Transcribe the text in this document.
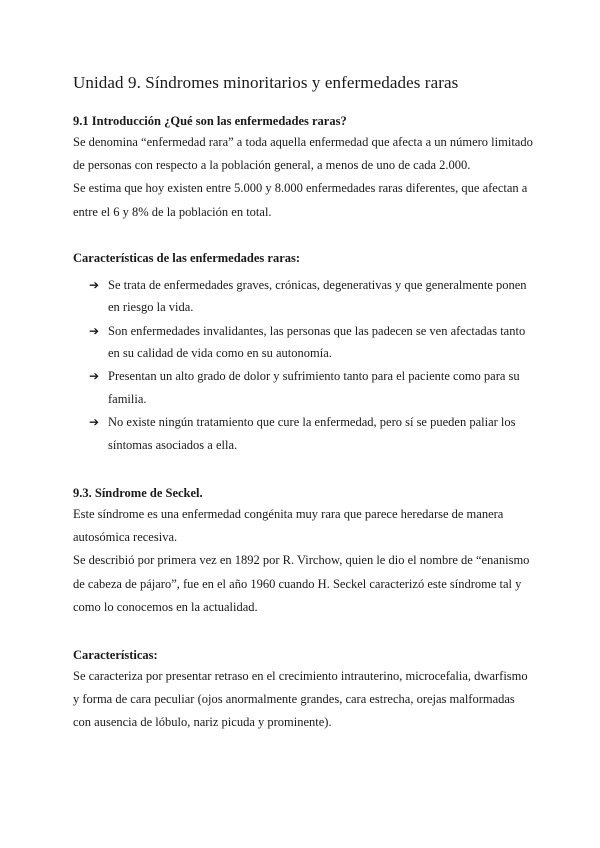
Unidad 9. Síndromes minoritarios y enfermedades raras
9.1 Introducción ¿Qué son las enfermedades raras?

Se denomina “enfermedad rara” a toda aquella enfermedad que afecta a un número limitado de personas con respecto a la población general, a menos de uno de cada 2.000.

Se estima que hoy existen entre 5.000 y 8.000 enfermedades raras diferentes, que afectan a entre el 6 y 8% de la población en total.

Características de las enfermedades raras:
➔ Se trata de enfermedades graves, crónicas, degenerativas y que generalmente ponen en riesgo la vida.
➔ Son enfermedades invalidantes, las personas que las padecen se ven afectadas tanto en su calidad de vida como en su autonomía.
➔ Presentan un alto grado de dolor y sufrimiento tanto para el paciente como para su familia.
➔ No existe ningún tratamiento que cure la enfermedad, pero sí se pueden paliar los síntomas asociados a ella.
9.3. Síndrome de Seckel.

Este síndrome es una enfermedad congénita muy rara que parece heredarse de manera autosómica recesiva.

Se describió por primera vez en 1892 por R. Virchow, quien le dio el nombre de “enanismo de cabeza de pájaro”, fue en el año 1960 cuando H. Seckel caracterizó este síndrome tal y como lo conocemos en la actualidad.

Características:

Se caracteriza por presentar retraso en el crecimiento intrauterino, microcefalia, dwarfismo y forma de cara peculiar (ojos anormalmente grandes, cara estrecha, orejas malformadas con ausencia de lóbulo, nariz picuda y prominente).
